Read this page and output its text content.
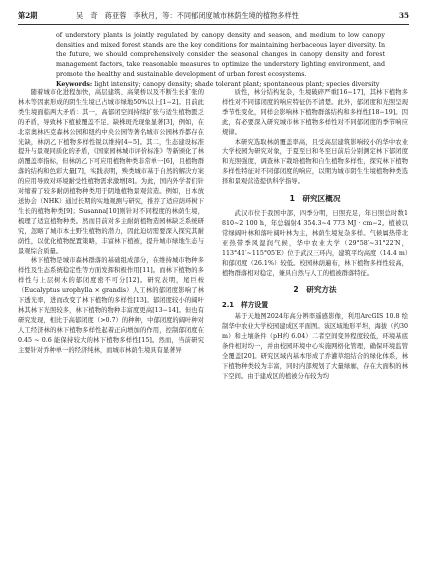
第2期	吴　奇　蒋亚蓉　李秋月，等：不同郁闭度城市林荫生境的植物多样性	35

of understory plants is jointly regulated by canopy density and season, and medium to low canopy densities and mixed forest stands are the key conditions for maintaining herbaceous layer diversity. In the future, we should comprehensively consider the seasonal changes in canopy density and forest management factors, take reasonable measures to optimize the understory lighting environment, and promote the healthy and sustainable development of urban forest ecosystems.

Keywords: light intensity; canopy density; shade tolerant plant; spontaneous plant; species diversity

随着城市化进程加快，高层建筑、高架桥以及不断生长扩张的林木等因素形成的阴生生境已占城市绿地50%以上[1−2]。目前此类生境面临两大矛盾：其一，高郁闭空间持续扩张与适生植物匮乏的矛盾，导致林下植被覆盖不足、缺株斑秃现象显著[3]，例如，在北京奥林匹克森林公园和纽约中央公园等著名城市公园林乔都存在光缺，林荫乙下植物多样性锐以维持[4−5]。其二，生态建设标准提升与景观同质化的矛盾，《国家园林城市评价标准》等新颁化了林荫覆盖率指标，但林荫乙下可应用植物种类非常单一[6]，且植物群落的结构和色彩大量[7]，实践表明，殃类城市基于自然的解决方案的应用导致对环境耐受性植物需求激增[8]。为此，国内外学者们针对缩着了较多耐荫植物种类用于阴地植物景观营造。例如，日本放送协会（NHK）通过长期的实地观测与研究，推荐了适应荫环树下生长的植物种类[9]；Susanna[10]则针对不同程度的林荫生境，梳理了适宜植物种类。然而目前对多主耐荫植物造园林缺乏系统研究，忽略了城市本土野生植物的潜力，因此迫切需要深入探究其耐荫性，以优化植物配置策略，丰富林下植被，提升城市绿地生态与景观综合质量。

林下植物是城市森林群落的基础组成部分，在维持城市物种多样性及生态系统稳定性等方面发挥积极作用[11]。而林下植物的多样性与上层树木的郁闭度密不可分[12]。研究表明，尾巨桉（Eucalyptus urophylla × grandis）人工林的郁闭度影响了林下透光率，进而改变了林下植物的多样性[13]。郁闭度较小的阔叶林其林下光照较多，林下植物的物种丰富度更高[13−14]。但也有研究发现，相比于高郁闭度（>0.7）的种种，中郁闭度的阔叶种对人工经济林的林下植物多样性起着正向增加的作用，控制郁闭度在 0.45 ~ 0.6 能保持较大的林下植物多样性[15]。然而，当前研究主要针对乔种单一的经济纯林，而城市林荫生境具有显著异

质性，林分结构复杂，生境破碎严重[16−17]，其林下植物多样性对不同郁闭度的响应特征仍不清楚。此外，郁闭度和光照呈现季节性变化，同样会影响林下植物群落结构和多样性[18−19]。因此，有必要深入研究城市林下植物多样性对不同郁闭度的季节响应规律。

本研究选取林荫覆盖率高，且受高层建筑影响较小的华中农业大学校园为研究对象，于夏至日和冬至日前后分别测定林下郁闭度和光照强度，调查林下栽培植物和自生植物多样性，探究林下植物多样性特征对不同郁闭度的响应，以期为城市阴生生境植物种类选择和景观营造提供科学指导。

1　研究区概况

武汉市位于我国中部，四季分明，日照充足，年日照总时数1 810~2 100 h，年总辐射4 354.3~4 773 MJ · cm−2。植被以常绿阔叶林和落叶阔叶林为主，林荫生境复杂多样。气候属热带北亚热带季风湿润气候，华中农业大学（29°58′~31°22′N，113°41′~115°05′E）位于武汉三环内，建筑平均高度（14.4 m）和郁闭度（26.1%）较低。校园林荫遍布，林下植物多样性较高，植物群落相对稳定，兼具自然与人工的植被群落特征。

2　研究方法
2.1　样方设置

基于天地图2024年高分辨率遥感影像，利用ArcGIS 10.8 绘制华中农业大学校园建成区平面图。该区域地形平坦，海拔（约30 m）和土壤条件（pH约 6.04）二者空间变异程度较低，环境基底条件相对均一，并由校园环境中心实施网格化管理，确保环境监管全覆盖[20]。研究区域内基本形成了乔灌草组结合的绿化体系，林下植物种类较为丰富，同时内部规划了大量绿廊，存在大面积的林下空间。由于建成区的植被分布较为均
